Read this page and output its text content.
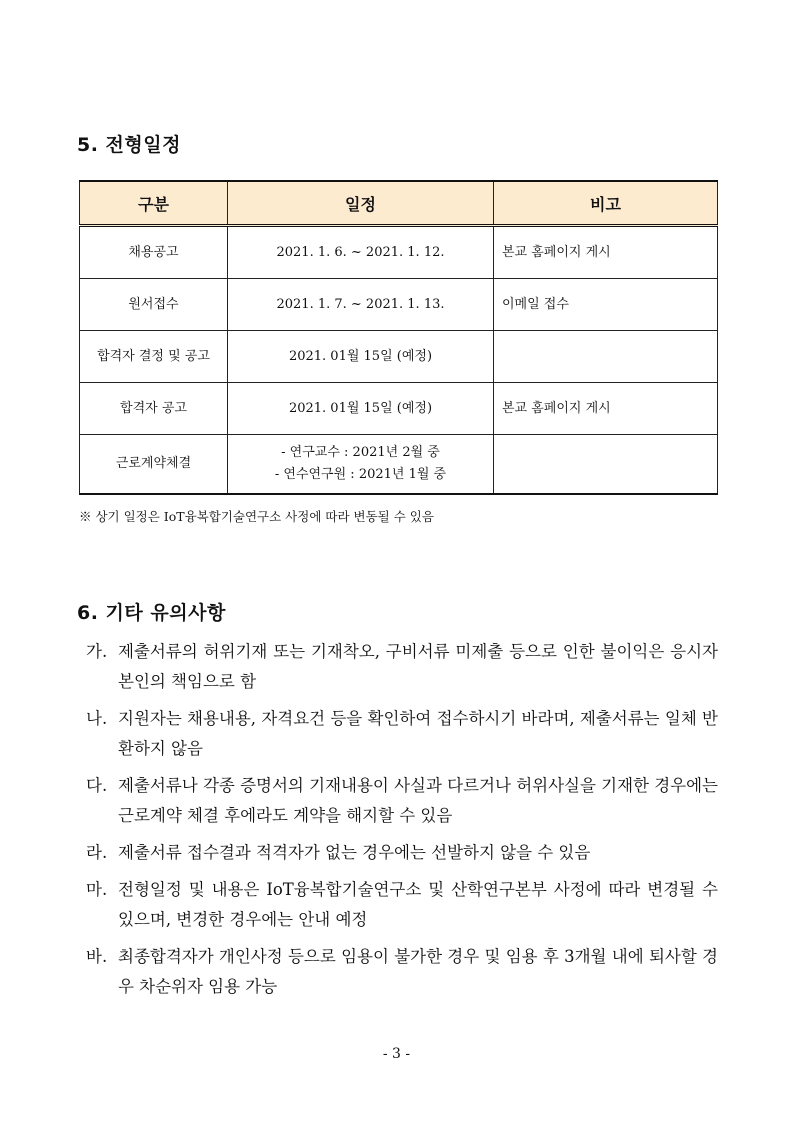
5. 전형일정
구분	일정	비고
채용공고	2021. 1. 6. ~ 2021. 1. 12.	본교 홈페이지 게시
원서접수	2021. 1. 7. ~ 2021. 1. 13.	이메일 접수
합격자 결정 및 공고	2021. 01월 15일 (예정)	
합격자 공고	2021. 01월 15일 (예정)	본교 홈페이지 게시
근로계약체결	- 연구교수 : 2021년 2월 중
- 연수연구원 : 2021년 1월 중	

※ 상기 일정은 IoT융복합기술연구소 사정에 따라 변동될 수 있음
6. 기타 유의사항
가. 제출서류의 허위기재 또는 기재착오, 구비서류 미제출 등으로 인한 불이익은 응시자 본인의 책임으로 함
나. 지원자는 채용내용, 자격요건 등을 확인하여 접수하시기 바라며, 제출서류는 일체 반환하지 않음
다. 제출서류나 각종 증명서의 기재내용이 사실과 다르거나 허위사실을 기재한 경우에는 근로계약 체결 후에라도 계약을 해지할 수 있음
라. 제출서류 접수결과 적격자가 없는 경우에는 선발하지 않을 수 있음
마. 전형일정 및 내용은 IoT융복합기술연구소 및 산학연구본부 사정에 따라 변경될 수 있으며, 변경한 경우에는 안내 예정
바. 최종합격자가 개인사정 등으로 임용이 불가한 경우 및 임용 후 3개월 내에 퇴사할 경우 차순위자 임용 가능
- 3 -
